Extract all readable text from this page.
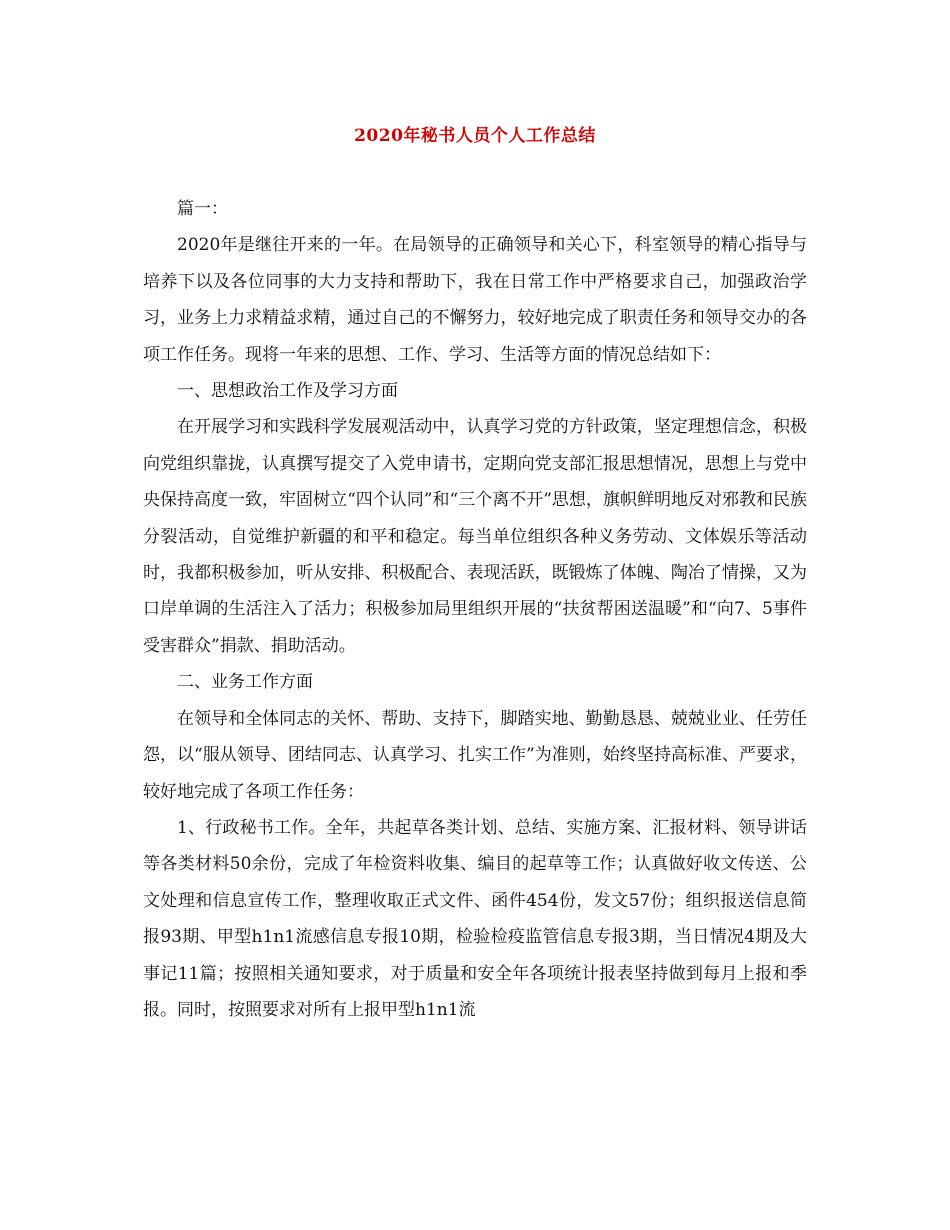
2020年秘书人员个人工作总结

篇一：

2020年是继往开来的一年。在局领导的正确领导和关心下，科室领导的精心指导与培养下以及各位同事的大力支持和帮助下，我在日常工作中严格要求自己，加强政治学习，业务上力求精益求精，通过自己的不懈努力，较好地完成了职责任务和领导交办的各项工作任务。现将一年来的思想、工作、学习、生活等方面的情况总结如下：

一、思想政治工作及学习方面

在开展学习和实践科学发展观活动中，认真学习党的方针政策，坚定理想信念，积极向党组织靠拢，认真撰写提交了入党申请书，定期向党支部汇报思想情况，思想上与党中央保持高度一致，牢固树立“四个认同”和“三个离不开”思想，旗帜鲜明地反对邪教和民族分裂活动，自觉维护新疆的和平和稳定。每当单位组织各种义务劳动、文体娱乐等活动时，我都积极参加，听从安排、积极配合、表现活跃，既锻炼了体魄、陶冶了情操，又为口岸单调的生活注入了活力；积极参加局里组织开展的“扶贫帮困送温暖”和“向7、5事件受害群众”捐款、捐助活动。

二、业务工作方面

在领导和全体同志的关怀、帮助、支持下，脚踏实地、勤勤恳恳、兢兢业业、任劳任怨，以“服从领导、团结同志、认真学习、扎实工作”为准则，始终坚持高标准、严要求，较好地完成了各项工作任务：

1、行政秘书工作。全年，共起草各类计划、总结、实施方案、汇报材料、领导讲话等各类材料50余份，完成了年检资料收集、编目的起草等工作；认真做好收文传送、公文处理和信息宣传工作，整理收取正式文件、函件454份，发文57份；组织报送信息简报93期、甲型h1n1流感信息专报10期，检验检疫监管信息专报3期，当日情况4期及大事记11篇；按照相关通知要求，对于质量和安全年各项统计报表坚持做到每月上报和季报。同时，按照要求对所有上报甲型h1n1流
